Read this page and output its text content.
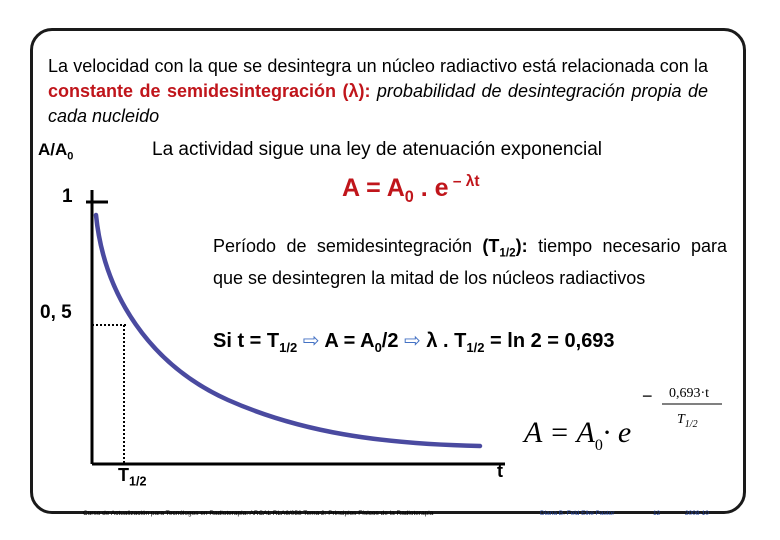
La velocidad con la que se desintegra un núcleo radiactivo está relacionada con la constante de semidesintegración (λ): probabilidad de desintegración propia de cada nucleido
$A/A_0$	La actividad sigue una ley de atenuación exponencial
$A = A_0$ . e $^{- \lambda t}$
1
0, 5
Período de semidesintegración $(T_{1/2})$: tiempo necesario para que se desintegren la mitad de los núcleos radiactivos
Si $t = T_{1/2}$ ⇨ $A = A_0/2$ ⇨ λ . $T_{1/2} = \ln 2 = 0,693$
$T_{1/2}$
t
0,693·t
$T_{1/2}$
$A = A_0\cdot e$
−
Curso de Actualización para Tecnólogos en Radioterapia. ARCAL RLA6/058 Tema 2: Principios Físicos de la Radioterapia	Diana B. Feld Elke Pastor	12	2008-10
